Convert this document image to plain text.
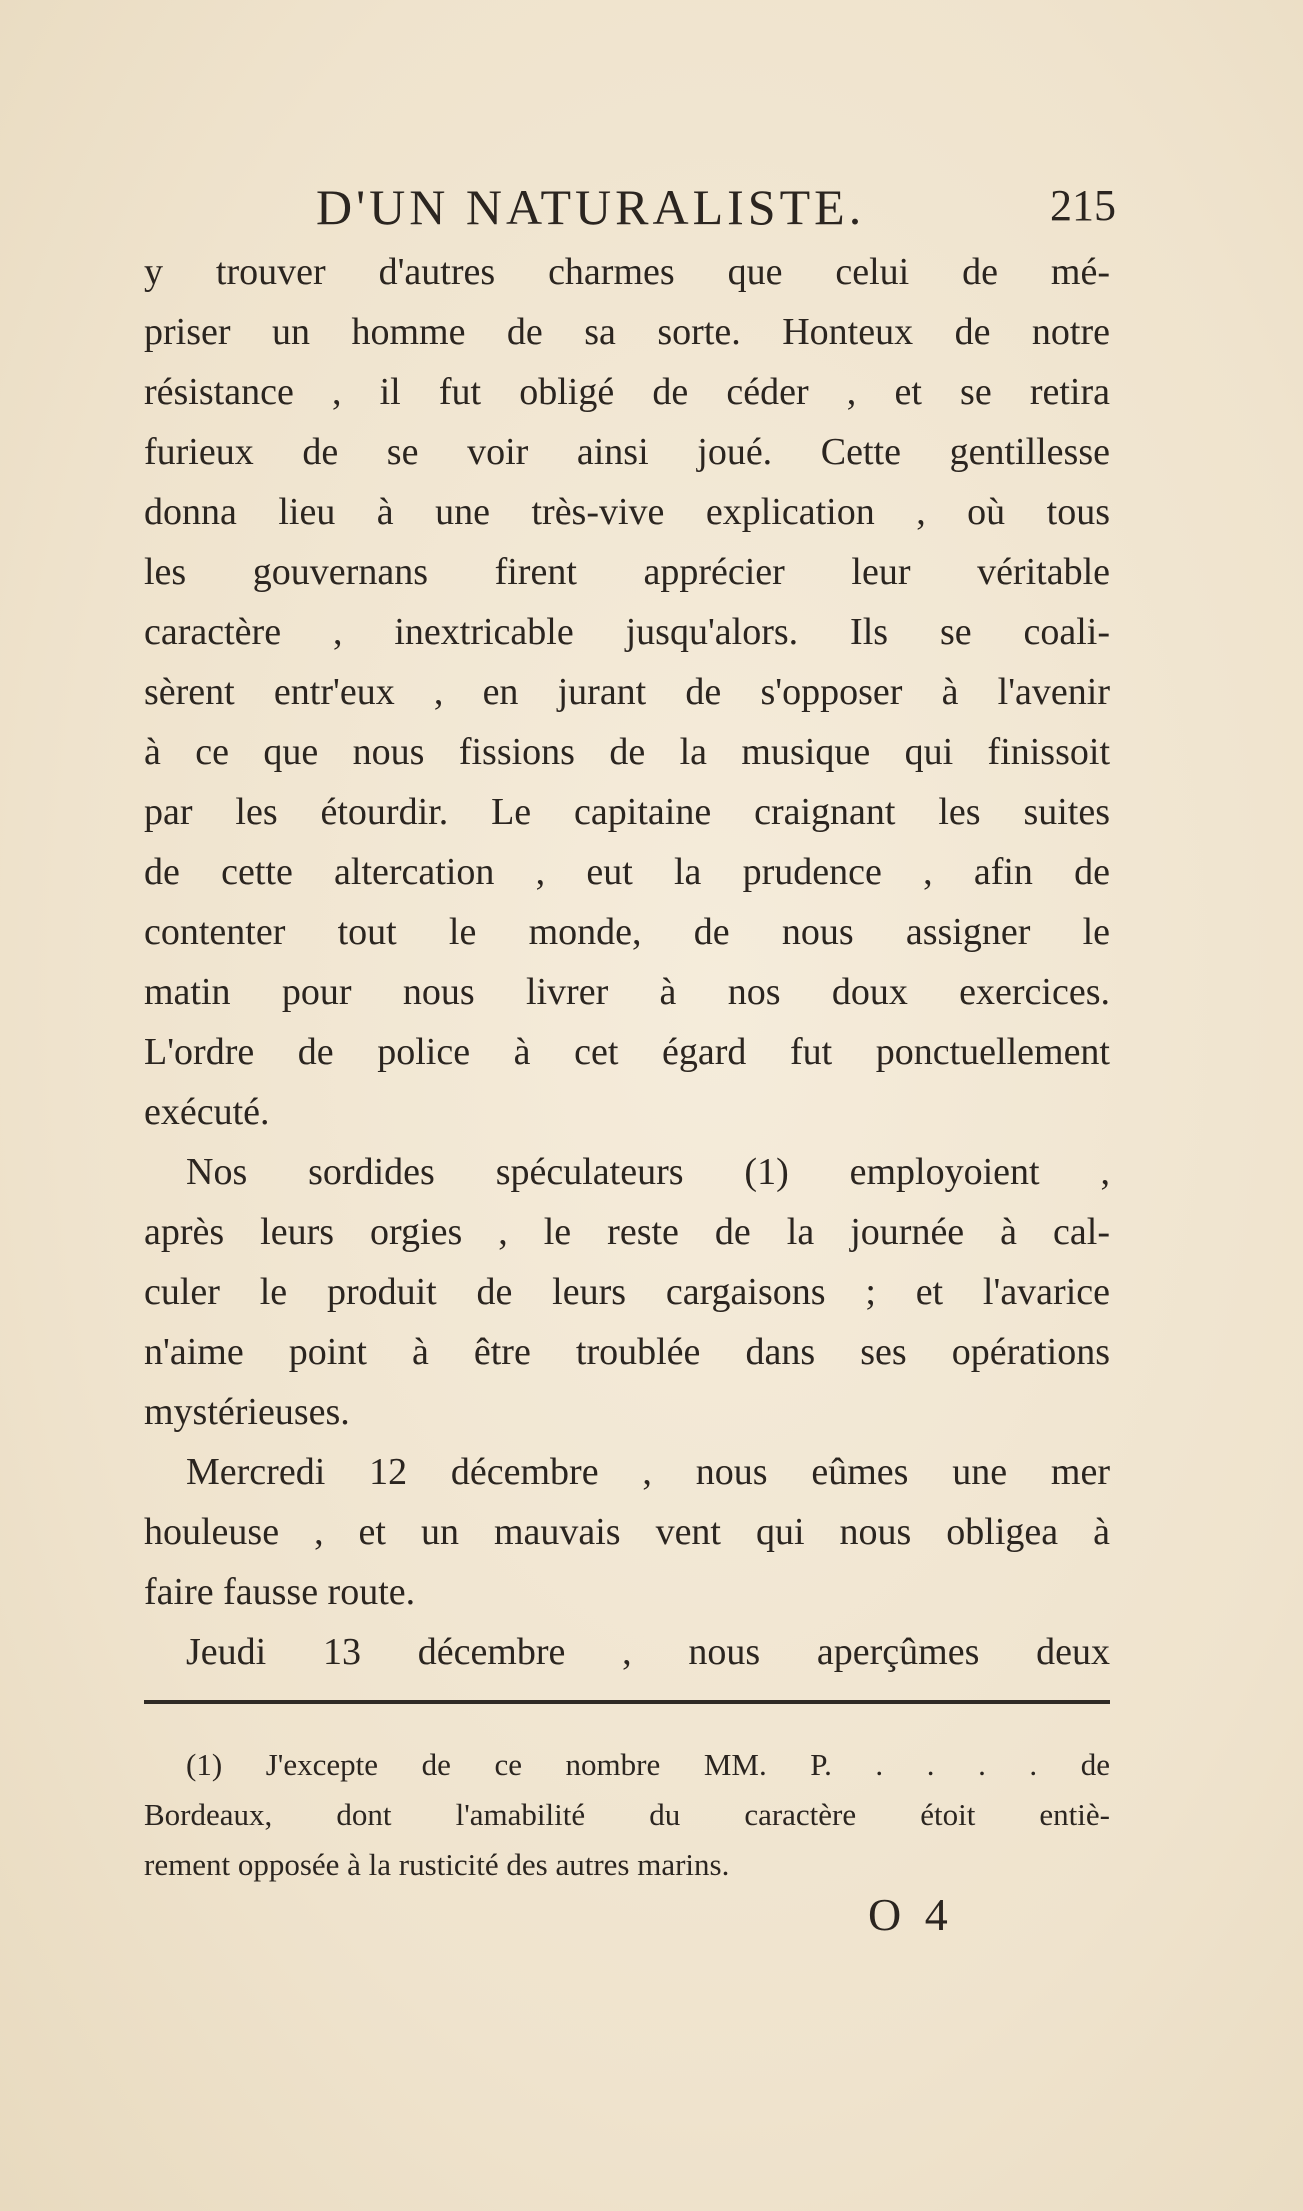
D'UN NATURALISTE.	215
y trouver d'autres charmes que celui de mé-
priser un homme de sa sorte. Honteux de notre
résistance , il fut obligé de céder , et se retira
furieux de se voir ainsi joué. Cette gentillesse
donna lieu à une très-vive explication , où tous
les gouvernans firent apprécier leur véritable
caractère , inextricable jusqu'alors. Ils se coali-
sèrent entr'eux , en jurant de s'opposer à l'avenir
à ce que nous fissions de la musique qui finissoit
par les étourdir. Le capitaine craignant les suites
de cette altercation , eut la prudence , afin de
contenter tout le monde, de nous assigner le
matin pour nous livrer à nos doux exercices.
L'ordre de police à cet égard fut ponctuellement
exécuté.
Nos sordides spéculateurs (1) employoient ,
après leurs orgies , le reste de la journée à cal-
culer le produit de leurs cargaisons ; et l'avarice
n'aime point à être troublée dans ses opérations
mystérieuses.
Mercredi 12 décembre , nous eûmes une mer
houleuse , et un mauvais vent qui nous obligea à
faire fausse route.
Jeudi 13 décembre , nous aperçûmes deux
(1) J'excepte de ce nombre MM. P. . . . . de
Bordeaux, dont l'amabilité du caractère étoit entiè-
rement opposée à la rusticité des autres marins.
O 4
